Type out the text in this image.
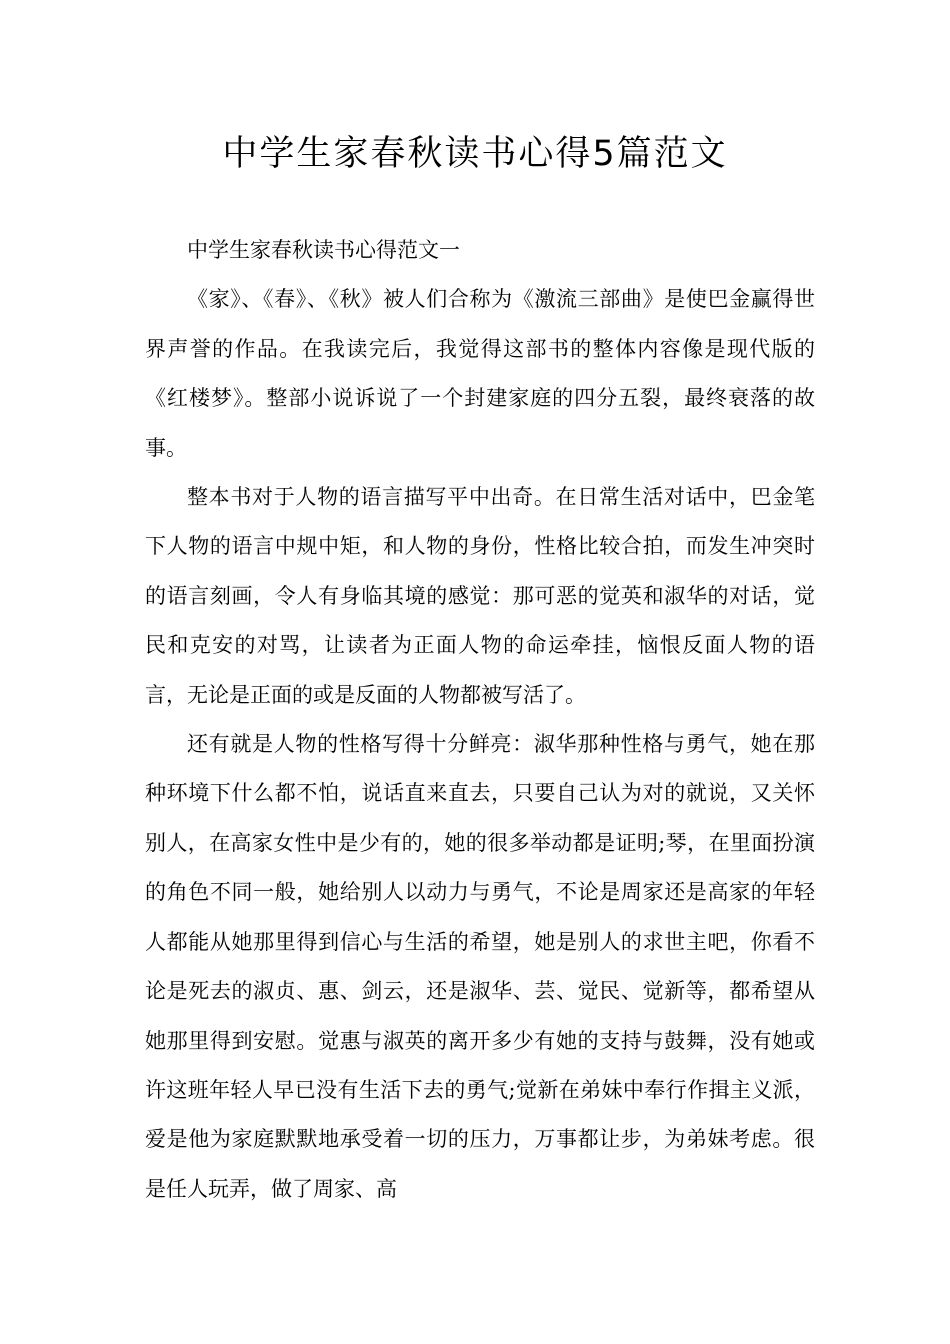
中学生家春秋读书心得5篇范文

中学生家春秋读书心得范文一

《家》、《春》、《秋》被人们合称为《激流三部曲》是使巴金赢得世界声誉的作品。在我读完后，我觉得这部书的整体内容像是现代版的《红楼梦》。整部小说诉说了一个封建家庭的四分五裂，最终衰落的故事。

整本书对于人物的语言描写平中出奇。在日常生活对话中，巴金笔下人物的语言中规中矩，和人物的身份，性格比较合拍，而发生冲突时的语言刻画，令人有身临其境的感觉：那可恶的觉英和淑华的对话，觉民和克安的对骂，让读者为正面人物的命运牵挂，恼恨反面人物的语言，无论是正面的或是反面的人物都被写活了。

还有就是人物的性格写得十分鲜亮：淑华那种性格与勇气，她在那种环境下什么都不怕，说话直来直去，只要自己认为对的就说，又关怀别人，在高家女性中是少有的，她的很多举动都是证明;琴，在里面扮演的角色不同一般，她给别人以动力与勇气，不论是周家还是高家的年轻人都能从她那里得到信心与生活的希望，她是别人的求世主吧，你看不论是死去的淑贞、惠、剑云，还是淑华、芸、觉民、觉新等，都希望从她那里得到安慰。觉惠与淑英的离开多少有她的支持与鼓舞，没有她或许这班年轻人早已没有生活下去的勇气;觉新在弟妹中奉行作揖主义派，爱是他为家庭默默地承受着一切的压力，万事都让步，为弟妹考虑。很是任人玩弄，做了周家、高
